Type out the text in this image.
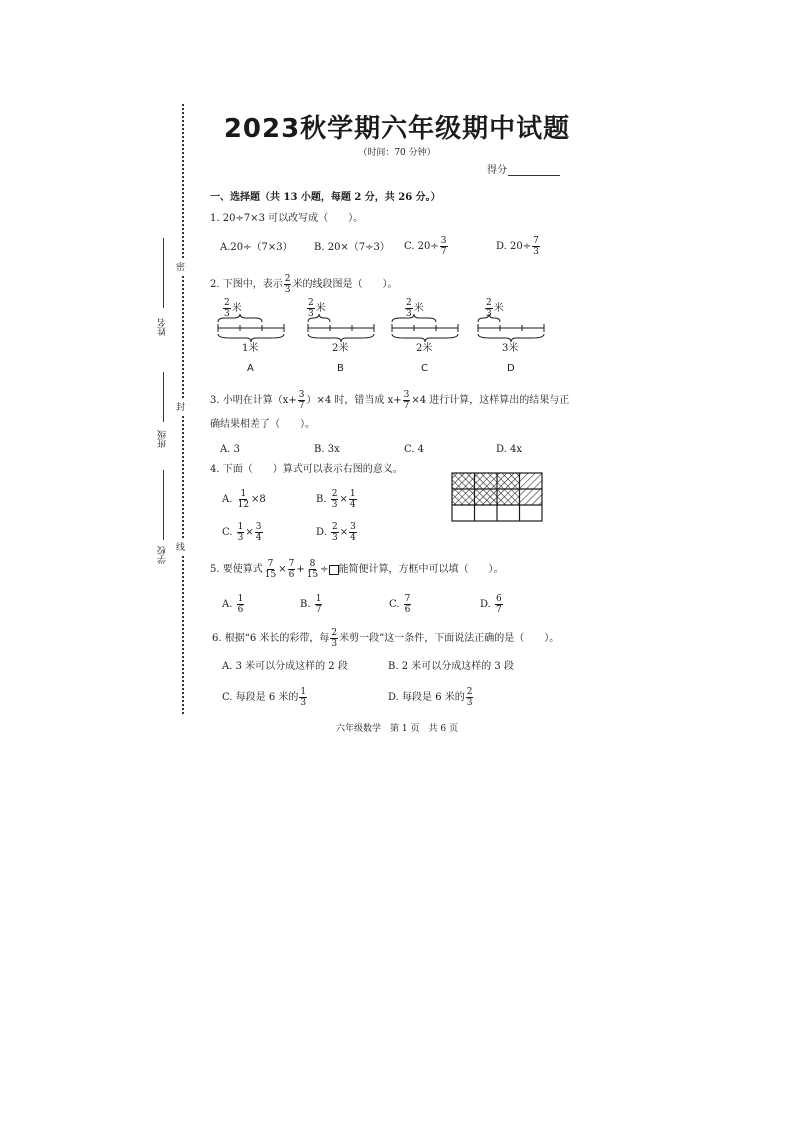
密
封
线
姓名
班级
学校
2023秋学期六年级期中试题
（时间：70 分钟）
得分
一、选择题（共 13 小题，每题 2 分，共 26 分。）
1. 20÷7×3 可以改写成（　　）。
A.20÷（7×3） B. 20×（7÷3） C. $20\div \frac{3}{7}$	D. $20\div \frac{7}{3}$
2. 下图中，表示 $\frac{2}{3}$ 米的线段图是（　　）。
$\frac{2}{3}$ 米	$\frac{2}{3}$ 米	$\frac{2}{3}$ 米	$\frac{2}{3}$ 米
1米	2米	2米	3米
A	B	C	D
3. 小明在计算$(x+ \frac{3}{7} )\times 4$ 时，错当成 $x+ \frac{3}{7} \times 4$ 进行计算，这样算出的结果与正
确结果相差了（　　）。
A. 3	B. 3x	C. 4	D. 4x
4. 下面（　　）算式可以表示右图的意义。
A. $\frac{1}{12} \times 8$	B. $\frac{2}{3} \times \frac{1}{4}$
C. $\frac{1}{3} \times \frac{3}{4}$	D. $\frac{2}{3} \times \frac{3}{4}$
5. 要使算式 $\frac{7}{15} \times \frac{7}{6} + \frac{8}{15}$ ÷ 能简便计算，方框中可以填（　　）。
A. $\frac{1}{6}$	B. $\frac{1}{7}$	C. $\frac{7}{6}$	D. $\frac{6}{7}$
6. 根据“6 米长的彩带，每 $\frac{2}{3}$ 米剪一段”这一条件，下面说法正确的是（　　）。
A. 3 米可以分成这样的 2 段	B. 2 米可以分成这样的 3 段
C. 每段是 6 米的 $\frac{1}{3}$	D. 每段是 6 米的 $\frac{2}{3}$
六年级数学　第 1 页　共 6 页
